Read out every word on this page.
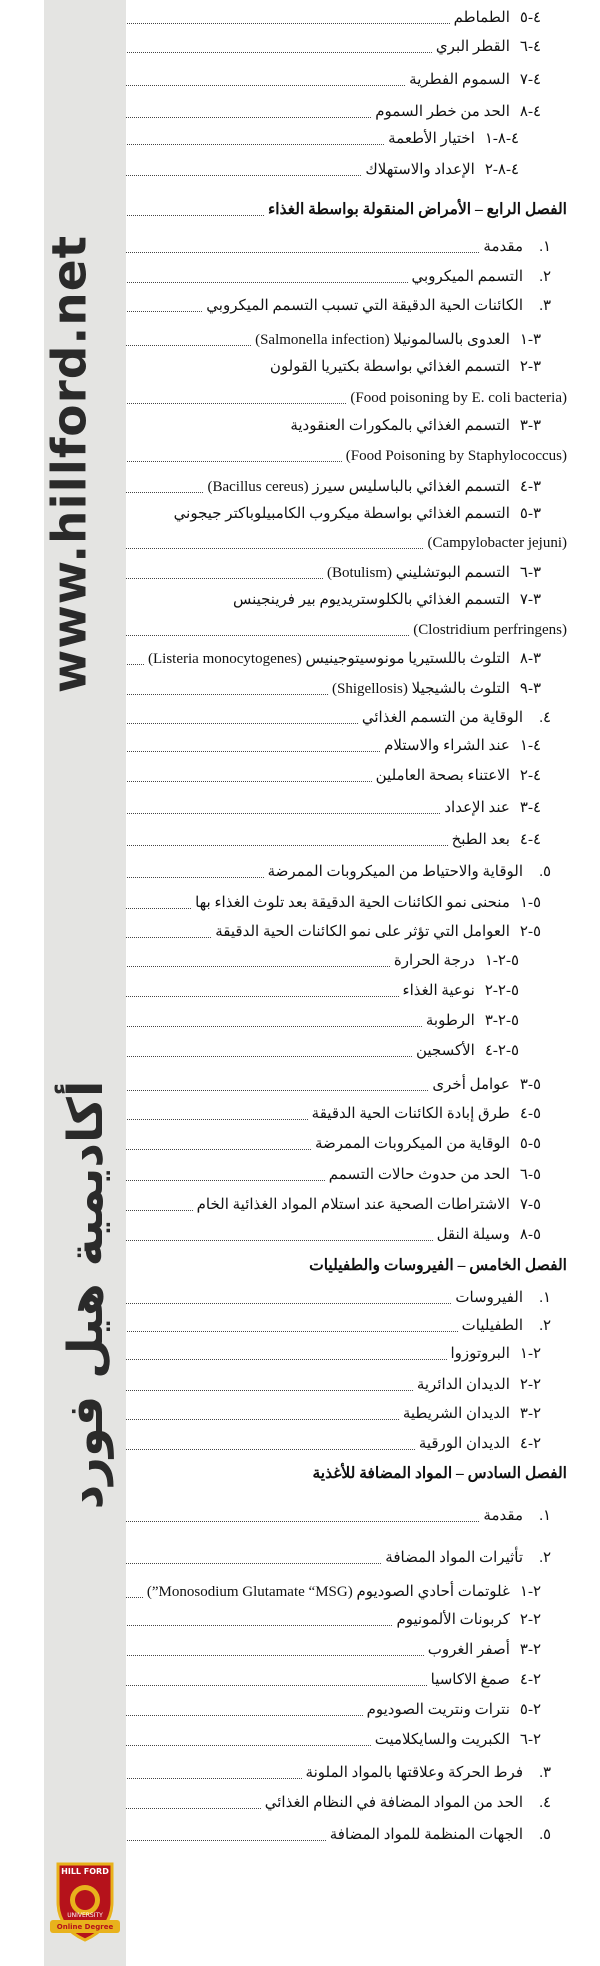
www.hillford.net
أكاديمية هيل فورد
HILL FORD
UNIVERSITY
Online Degree
٤-٥
الطماطم
٤-٦
القطر البري
٤-٧
السموم الفطرية
٤-٨
الحد من خطر السموم
٤-٨-١
اختيار الأطعمة
٤-٨-٢
الإعداد والاستهلاك
الفصل الرابع – الأمراض المنقولة بواسطة الغذاء
١.
مقدمة
٢.
التسمم الميكروبي
٣.
الكائنات الحية الدقيقة التي تسبب التسمم الميكروبي
٣-١
العدوى بالسالمونيلا (Salmonella infection)
٣-٢
التسمم الغذائي بواسطة بكتيريا القولون
(Food poisoning by E. coli bacteria)
٣-٣
التسمم الغذائي بالمكورات العنقودية
(Food Poisoning by Staphylococcus)
٣-٤
التسمم الغذائي بالباسليس سيرز (Bacillus cereus)
٣-٥
التسمم الغذائي بواسطة ميكروب الكامبيلوباكتر جيجوني
(Campylobacter jejuni)
٣-٦
التسمم البوتشليني (Botulism)
٣-٧
التسمم الغذائي بالكلوستريديوم بير فرينجينس
(Clostridium perfringens)
٣-٨
التلوث باللستيريا مونوسيتوجينيس (Listeria monocytogenes)
٣-٩
التلوث بالشيجيلا (Shigellosis)
٤.
الوقاية من التسمم الغذائي
٤-١
عند الشراء والاستلام
٤-٢
الاعتناء بصحة العاملين
٤-٣
عند الإعداد
٤-٤
بعد الطبخ
٥.
الوقاية والاحتياط من الميكروبات الممرضة
٥-١
منحنى نمو الكائنات الحية الدقيقة بعد تلوث الغذاء بها
٥-٢
العوامل التي تؤثر على نمو الكائنات الحية الدقيقة
٥-٢-١
درجة الحرارة
٥-٢-٢
نوعية الغذاء
٥-٢-٣
الرطوبة
٥-٢-٤
الأكسجين
٥-٣
عوامل أخرى
٥-٤
طرق إبادة الكائنات الحية الدقيقة
٥-٥
الوقاية من الميكروبات الممرضة
٥-٦
الحد من حدوث حالات التسمم
٥-٧
الاشتراطات الصحية عند استلام المواد الغذائية الخام
٥-٨
وسيلة النقل
الفصل الخامس – الفيروسات والطفيليات
١.
الفيروسات
٢.
الطفيليات
٢-١
البروتوزوا
٢-٢
الديدان الدائرية
٢-٣
الديدان الشريطية
٢-٤
الديدان الورقية
الفصل السادس – المواد المضافة للأغذية
١.
مقدمة
٢.
تأثيرات المواد المضافة
٢-١
غلوتمات أحادي الصوديوم (Monosodium Glutamate “MSG”)
٢-٢
كربونات الألمونيوم
٢-٣
أصفر الغروب
٢-٤
صمغ الاكاسيا
٢-٥
نترات ونتريت الصوديوم
٢-٦
الكبريت والسايكلاميت
٣.
فرط الحركة وعلاقتها بالمواد الملونة
٤.
الحد من المواد المضافة في النظام الغذائي
٥.
الجهات المنظمة للمواد المضافة
